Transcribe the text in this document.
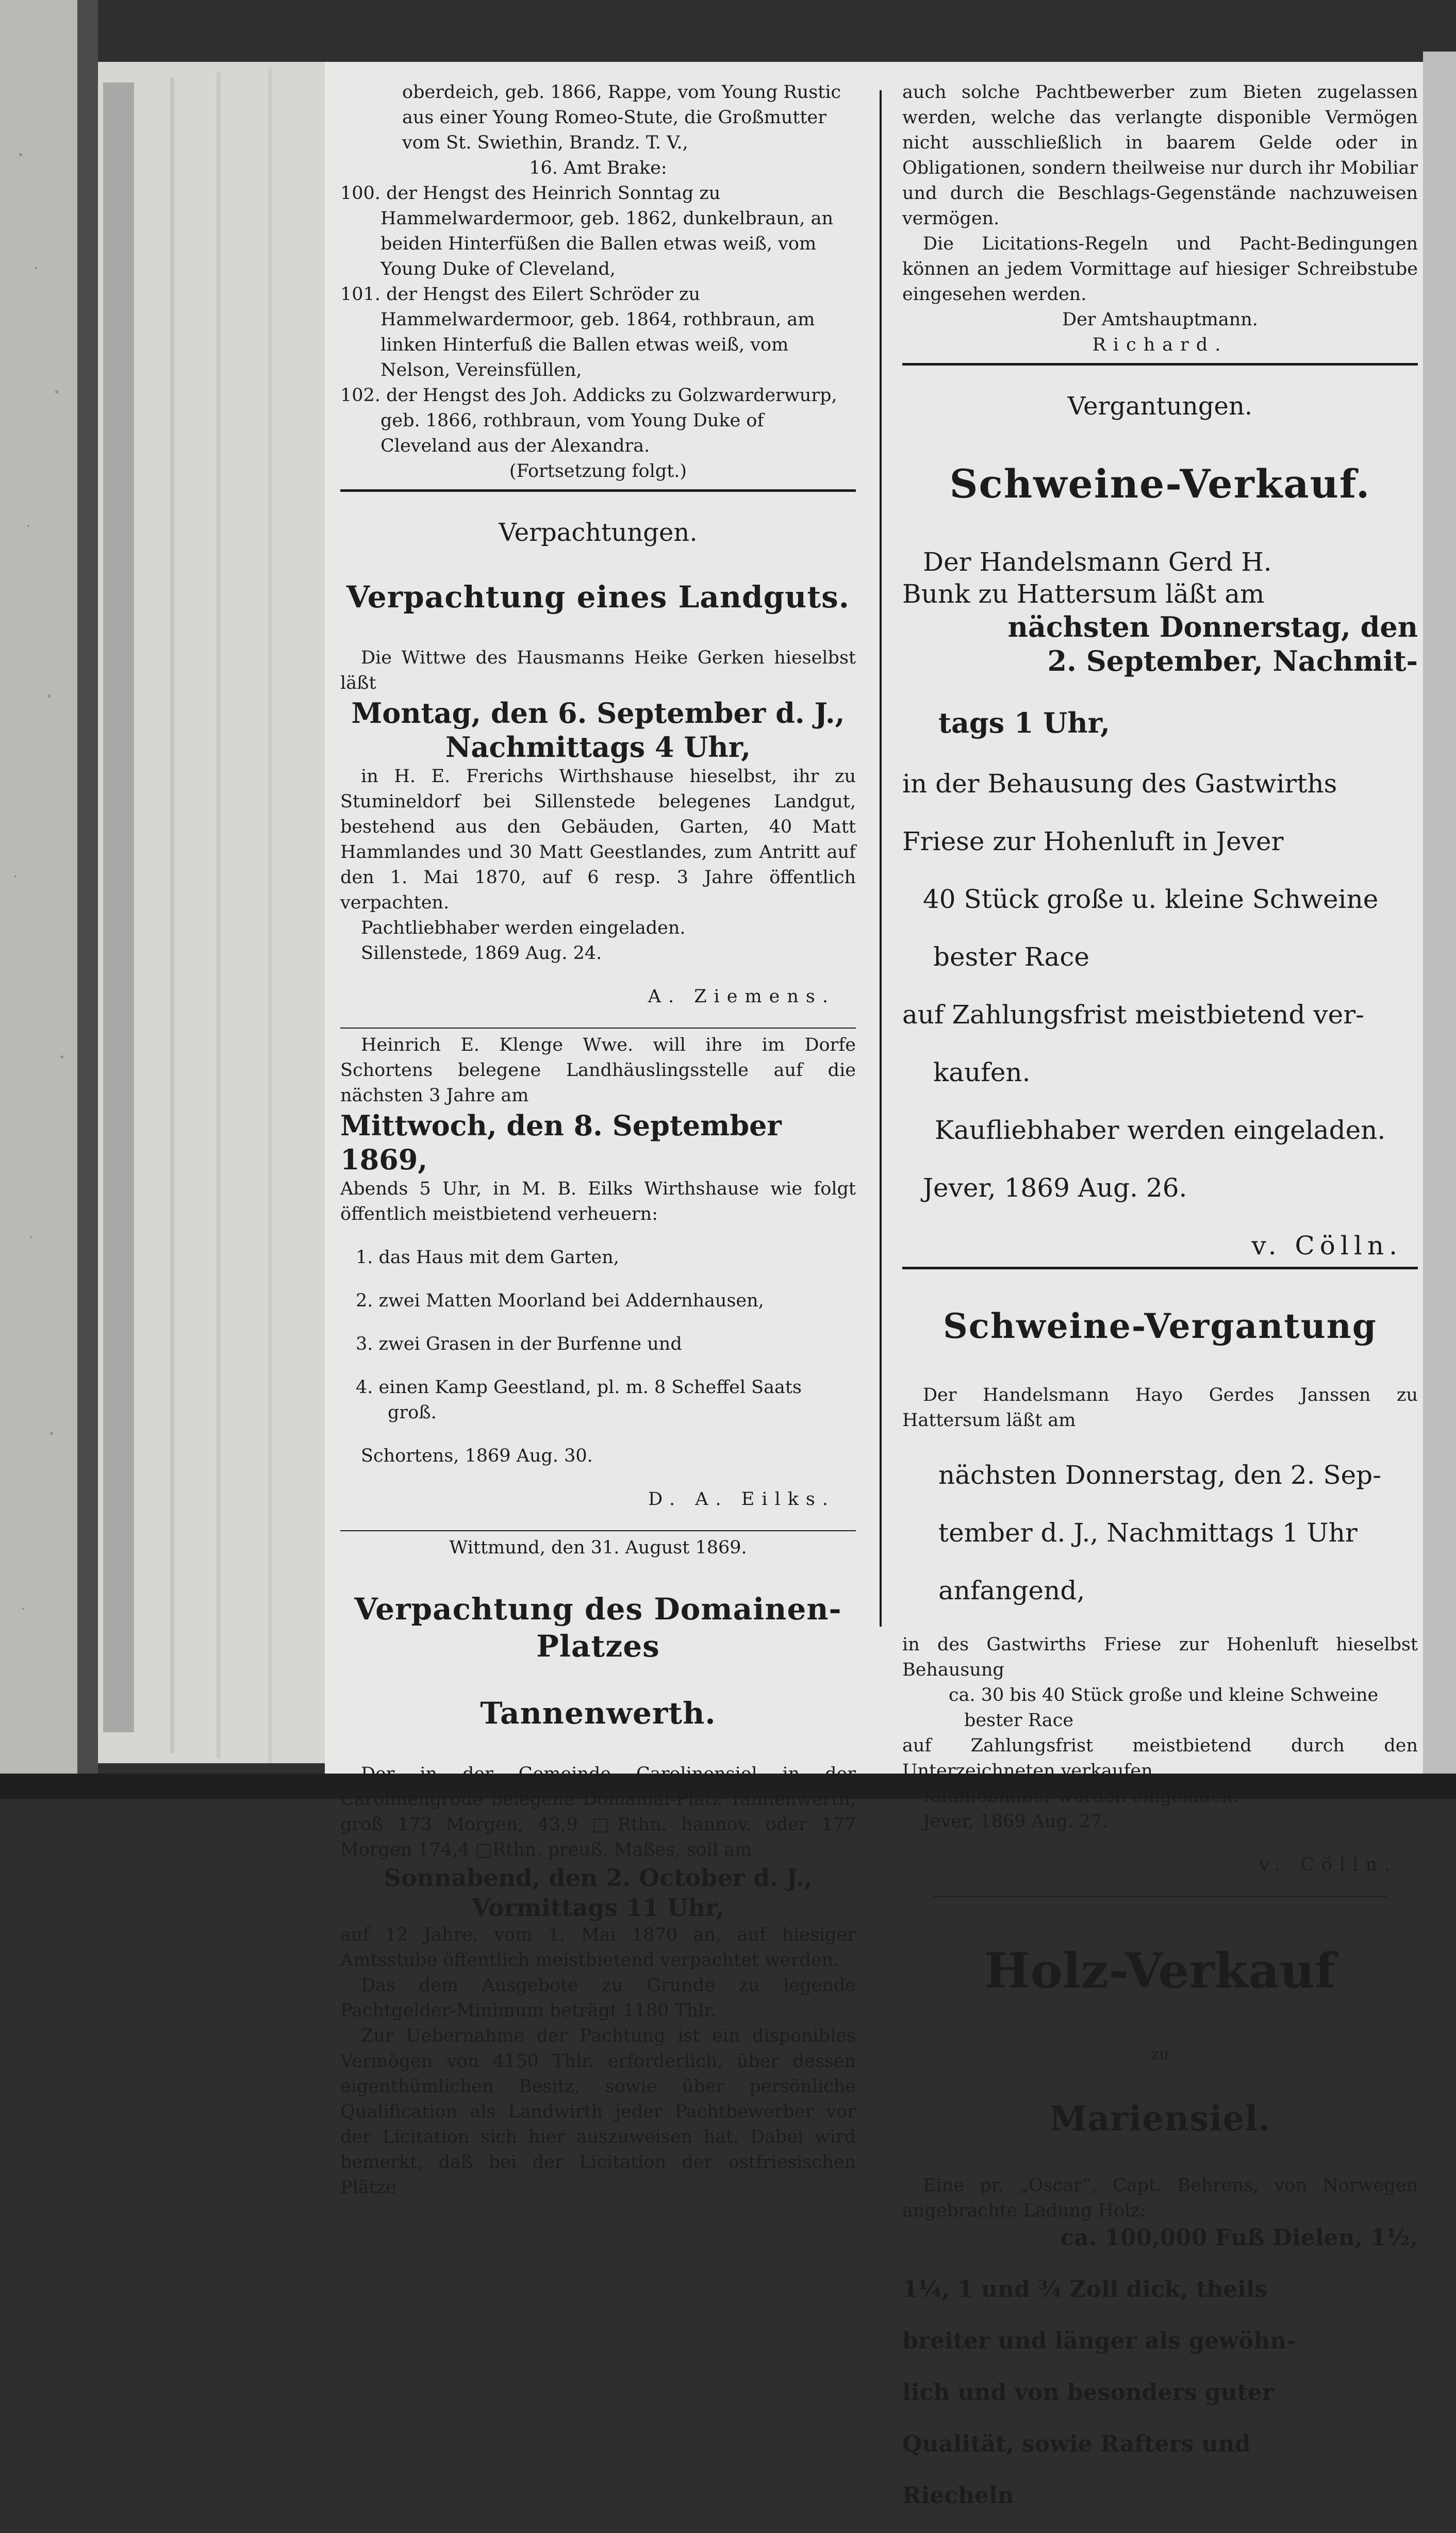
oberdeich, geb. 1866, Rappe, vom Young Rustic

aus einer Young Romeo-Stute, die Großmutter

vom St. Swiethin, Brandz. T. V.,

16. Amt Brake:

100. der Hengst des Heinrich Sonntag zu Hammelwardermoor, geb. 1862, dunkelbraun, an beiden Hinterfüßen die Ballen etwas weiß, vom Young Duke of Cleveland,
101. der Hengst des Eilert Schröder zu Hammelwardermoor, geb. 1864, rothbraun, am linken Hinterfuß die Ballen etwas weiß, vom Nelson, Vereinsfüllen,
102. der Hengst des Joh. Addicks zu Golzwarderwurp, geb. 1866, rothbraun, vom Young Duke of Cleveland aus der Alexandra.

(Fortsetzung folgt.)

Verpachtungen.

Verpachtung eines Landguts.

Die Wittwe des Hausmanns Heike Gerken hieselbst läßt

Montag, den 6. September d. J.,

Nachmittags 4 Uhr,

in H. E. Frerichs Wirthshause hieselbst, ihr zu Stumineldorf bei Sillenstede belegenes Landgut, bestehend aus den Gebäuden, Garten, 40 Matt Hammlandes und 30 Matt Geestlandes, zum Antritt auf den 1. Mai 1870, auf 6 resp. 3 Jahre öffentlich verpachten.

Pachtliebhaber werden eingeladen.

Sillenstede, 1869 Aug. 24.

A. Ziemens.

Heinrich E. Klenge Wwe. will ihre im Dorfe Schortens belegene Landhäuslingsstelle auf die nächsten 3 Jahre am

Mittwoch, den 8. September 1869,

Abends 5 Uhr, in M. B. Eilks Wirthshause wie folgt öffentlich meistbietend verheuern:

1. das Haus mit dem Garten,

2. zwei Matten Moorland bei Addernhausen,

3. zwei Grasen in der Burfenne und

4. einen Kamp Geestland, pl. m. 8 Scheffel Saats groß.

Schortens, 1869 Aug. 30.

D. A. Eilks.

Wittmund, den 31. August 1869.

Verpachtung des Domainen-Platzes

Tannenwerth.

Der in der Gemeinde Carolinensiel in der Carolinengrode belegene Domanial-Platz Tannenwerth, groß 173 Morgen, 43,9 □Rthn. hannov. oder 177 Morgen 174,4 □Rthn. preuß. Maßes, soll am

Sonnabend, den 2. October d. J.,

Vormittags 11 Uhr,

auf 12 Jahre, vom 1. Mai 1870 an, auf hiesiger Amtsstube öffentlich meistbietend verpachtet werden.

Das dem Ausgebote zu Grunde zu legende Pachtgelder-Minimum beträgt 1180 Thlr.

Zur Uebernahme der Pachtung ist ein disponibles Vermögen von 4150 Thlr. erforderlich, über dessen eigenthümlichen Besitz, sowie über persönliche Qualification als Landwirth jeder Pachtbewerber vor der Licitation sich hier auszuweisen hat. Dabei wird bemerkt, daß bei der Licitation der ostfriesischen Plätze

auch solche Pachtbewerber zum Bieten zugelassen werden, welche das verlangte disponible Vermögen nicht ausschließlich in baarem Gelde oder in Obligationen, sondern theilweise nur durch ihr Mobiliar und durch die Beschlags-Gegenstände nachzuweisen vermögen.

Die Licitations-Regeln und Pacht-Bedingungen können an jedem Vormittage auf hiesiger Schreibstube eingesehen werden.

Der Amtshauptmann.

Richard.

Vergantungen.

Schweine-Verkauf.

Der Handelsmann Gerd H.

Bunk zu Hattersum läßt am

nächsten Donnerstag, den

2. September, Nachmit-

tags 1 Uhr,

in der Behausung des Gastwirths

Friese zur Hohenluft in Jever

40 Stück große u. kleine Schweine

bester Race

auf Zahlungsfrist meistbietend ver-

kaufen.

Kaufliebhaber werden eingeladen.

Jever, 1869 Aug. 26.

v. Cölln.

Schweine-Vergantung

Der Handelsmann Hayo Gerdes Janssen zu Hattersum läßt am

nächsten Donnerstag, den 2. Sep-

tember d. J., Nachmittags 1 Uhr

anfangend,

in des Gastwirths Friese zur Hohenluft hieselbst Behausung

ca. 30 bis 40 Stück große und kleine Schweine

bester Race

auf Zahlungsfrist meistbietend durch den Unterzeichneten verkaufen.

Kaufliebhaber werden eingeladen.

Jever, 1869 Aug. 27.

v. Cölln.

Holz-Verkauf

zu

Mariensiel.

Eine pr. „Oscar“, Capt. Behrens, von Norwegen angebrachte Ladung Holz:

ca. 100,000 Fuß Dielen, 1½,

1¼, 1 und ¾ Zoll dick, theils

breiter und länger als gewöhn-

lich und von besonders guter

Qualität, sowie Rafters und

Riecheln
